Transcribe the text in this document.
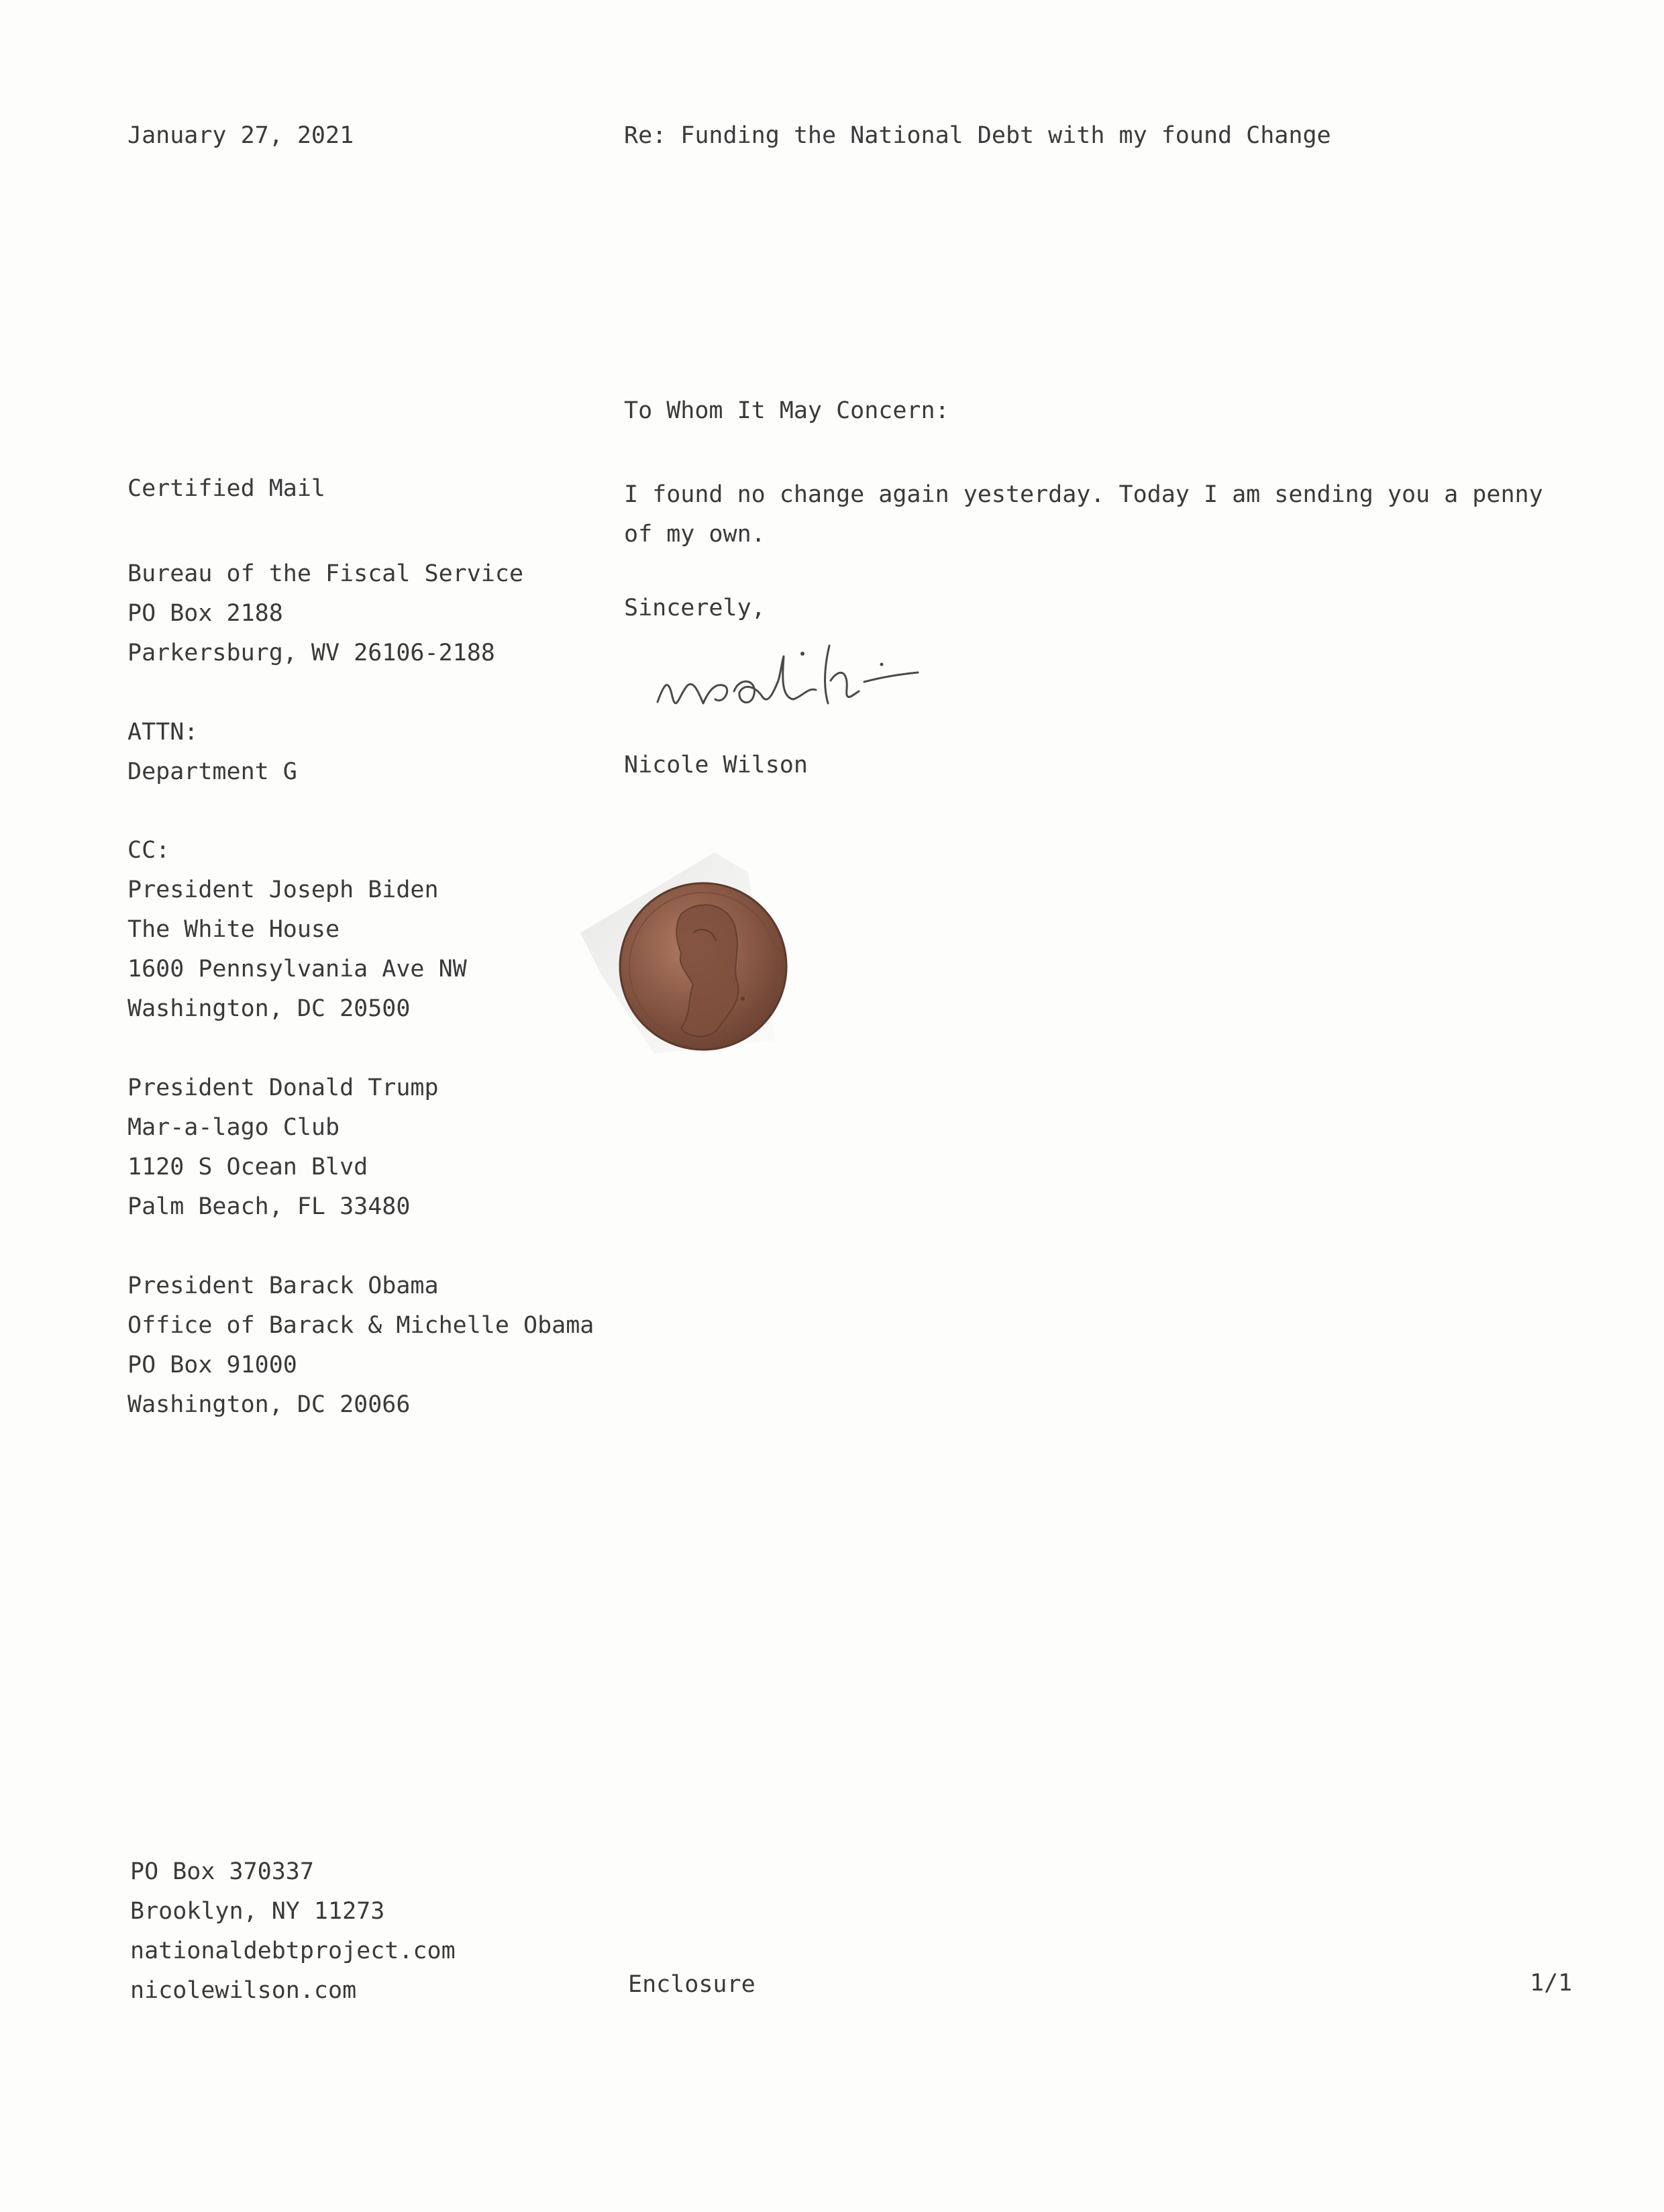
January 27, 2021	Re: Funding the National Debt with my found Change
To Whom It May Concern:
Certified Mail
Bureau of the Fiscal Service
PO Box 2188
Parkersburg, WV 26106-2188
ATTN:
Department G
CC:
President Joseph Biden
The White House
1600 Pennsylvania Ave NW
Washington, DC 20500
President Donald Trump
Mar-a-lago Club
1120 S Ocean Blvd
Palm Beach, FL 33480
President Barack Obama
Office of Barack & Michelle Obama
PO Box 91000
Washington, DC 20066
I found no change again yesterday. Today I am sending you a penny of my own.
Sincerely,
Nicole Wilson
PO Box 370337
Brooklyn, NY 11273
nationaldebtproject.com
nicolewilson.com	Enclosure	1/1
